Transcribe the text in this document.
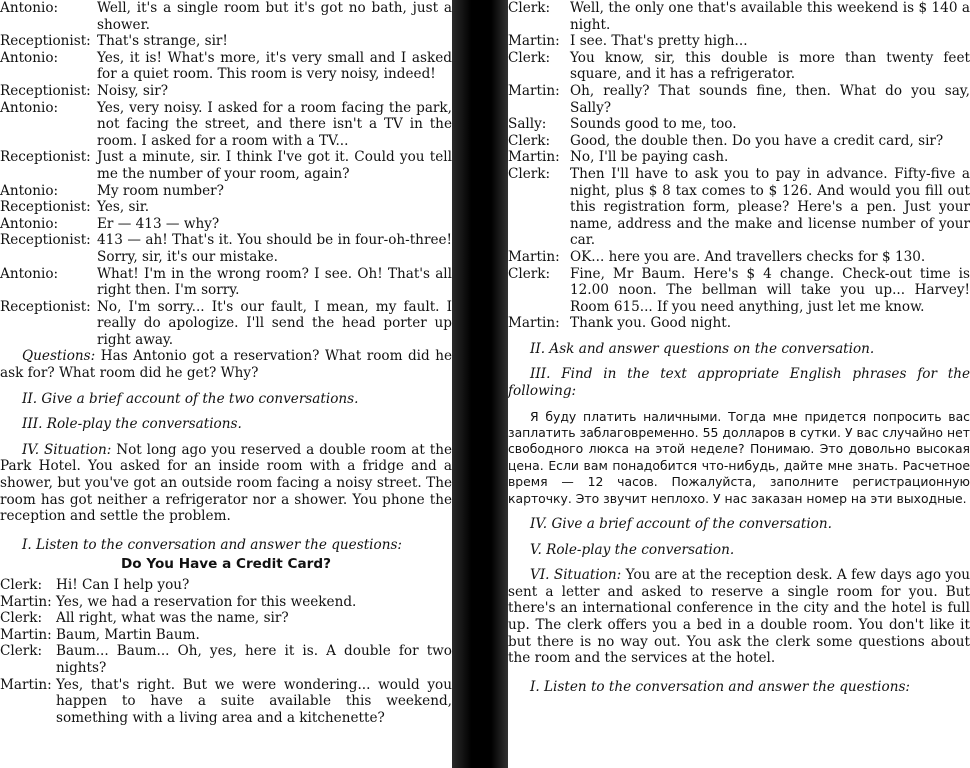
Antonio:	Well, it's a single room but it's got no bath, just a shower.
Receptionist: That's strange, sir!
Antonio:	Yes, it is! What's more, it's very small and I asked for a quiet room. This room is very noisy, indeed!
Receptionist: Noisy, sir?
Antonio:	Yes, very noisy. I asked for a room facing the park, not facing the street, and there isn't a TV in the room. I asked for a room with a TV...
Receptionist: Just a minute, sir. I think I've got it. Could you tell me the number of your room, again?
Antonio:	My room number?
Receptionist: Yes, sir.
Antonio:	Er — 413 — why?
Receptionist: 413 — ah! That's it. You should be in four-oh-three! Sorry, sir, it's our mistake.
Antonio:	What! I'm in the wrong room? I see. Oh! That's all right then. I'm sorry.
Receptionist: No, I'm sorry... It's our fault, I mean, my fault. I really do apologize. I'll send the head porter up right away.
Questions: Has Antonio got a reservation? What room did he ask for? What room did he get? Why?
II. Give a brief account of the two conversations.
III. Role-play the conversations.
IV. Situation: Not long ago you reserved a double room at the Park Hotel. You asked for an inside room with a fridge and a shower, but you've got an outside room facing a noisy street. The room has got neither a refrigerator nor a shower. You phone the reception and settle the problem.
I. Listen to the conversation and answer the questions:
Do You Have a Credit Card?
Clerk:	Hi! Can I help you?
Martin: Yes, we had a reservation for this weekend.
Clerk:	All right, what was the name, sir?
Martin: Baum, Martin Baum.
Clerk:	Baum... Baum... Oh, yes, here it is. A double for two nights?
Martin: Yes, that's right. But we were wondering... would you happen to have a suite available this weekend, something with a living area and a kitchenette?
Clerk:	Well, the only one that's available this weekend is $ 140 a night.
Martin: I see. That's pretty high...
Clerk:	You know, sir, this double is more than twenty feet square, and it has a refrigerator.
Martin: Oh, really? That sounds fine, then. What do you say, Sally?
Sally:	Sounds good to me, too.
Clerk:	Good, the double then. Do you have a credit card, sir?
Martin: No, I'll be paying cash.
Clerk:	Then I'll have to ask you to pay in advance. Fifty-five a night, plus $ 8 tax comes to $ 126. And would you fill out this registration form, please? Here's a pen. Just your name, address and the make and license number of your car.
Martin: OK... here you are. And travellers checks for $ 130.
Clerk:	Fine, Mr Baum. Here's $ 4 change. Check-out time is 12.00 noon. The bellman will take you up... Harvey! Room 615... If you need anything, just let me know.
Martin: Thank you. Good night.
II. Ask and answer questions on the conversation.
III. Find in the text appropriate English phrases for the following:
Я буду платить наличными. Тогда мне придется попросить вас заплатить заблаговременно. 55 долларов в сутки. У вас случайно нет свободного люкса на этой неделе? Понимаю. Это довольно высокая цена. Если вам понадобится что-нибудь, дайте мне знать. Расчетное время — 12 часов. Пожалуйста, заполните регистрационную карточку. Это звучит неплохо. У нас заказан номер на эти выходные.
IV. Give a brief account of the conversation.
V. Role-play the conversation.
VI. Situation: You are at the reception desk. A few days ago you sent a letter and asked to reserve a single room for you. But there's an international conference in the city and the hotel is full up. The clerk offers you a bed in a double room. You don't like it but there is no way out. You ask the clerk some questions about the room and the services at the hotel.
I. Listen to the conversation and answer the questions:
